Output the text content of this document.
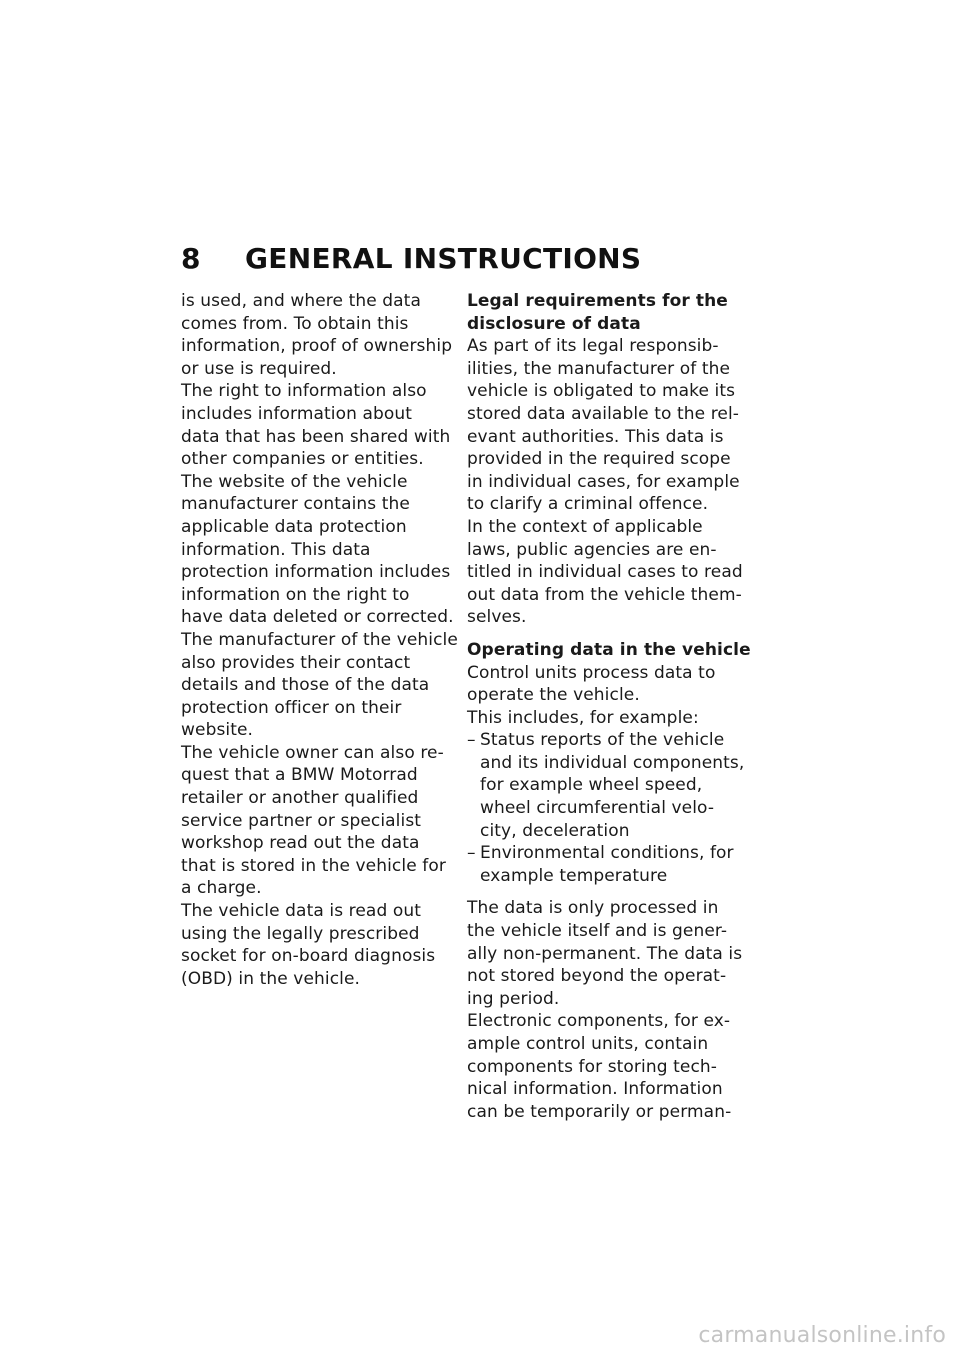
8 GENERAL INSTRUCTIONS
is used, and where the data
comes from. To obtain this
information, proof of ownership
or use is required.
The right to information also
includes information about
data that has been shared with
other companies or entities.
The website of the vehicle
manufacturer contains the
applicable data protection
information. This data
protection information includes
information on the right to
have data deleted or corrected.
The manufacturer of the vehicle
also provides their contact
details and those of the data
protection officer on their
website.
The vehicle owner can also re-
quest that a BMW Motorrad
retailer or another qualified
service partner or specialist
workshop read out the data
that is stored in the vehicle for
a charge.
The vehicle data is read out
using the legally prescribed
socket for on-board diagnosis
(OBD) in the vehicle.
Legal requirements for the
disclosure of data
As part of its legal responsib-
ilities, the manufacturer of the
vehicle is obligated to make its
stored data available to the rel-
evant authorities. This data is
provided in the required scope
in individual cases, for example
to clarify a criminal offence.
In the context of applicable
laws, public agencies are en-
titled in individual cases to read
out data from the vehicle them-
selves.
Operating data in the vehicle
Control units process data to
operate the vehicle.
This includes, for example:
– Status reports of the vehicle
and its individual components,
for example wheel speed,
wheel circumferential velo-
city, deceleration
– Environmental conditions, for
example temperature
The data is only processed in
the vehicle itself and is gener-
ally non-permanent. The data is
not stored beyond the operat-
ing period.
Electronic components, for ex-
ample control units, contain
components for storing tech-
nical information. Information
can be temporarily or perman-
carmanualsonline.info
